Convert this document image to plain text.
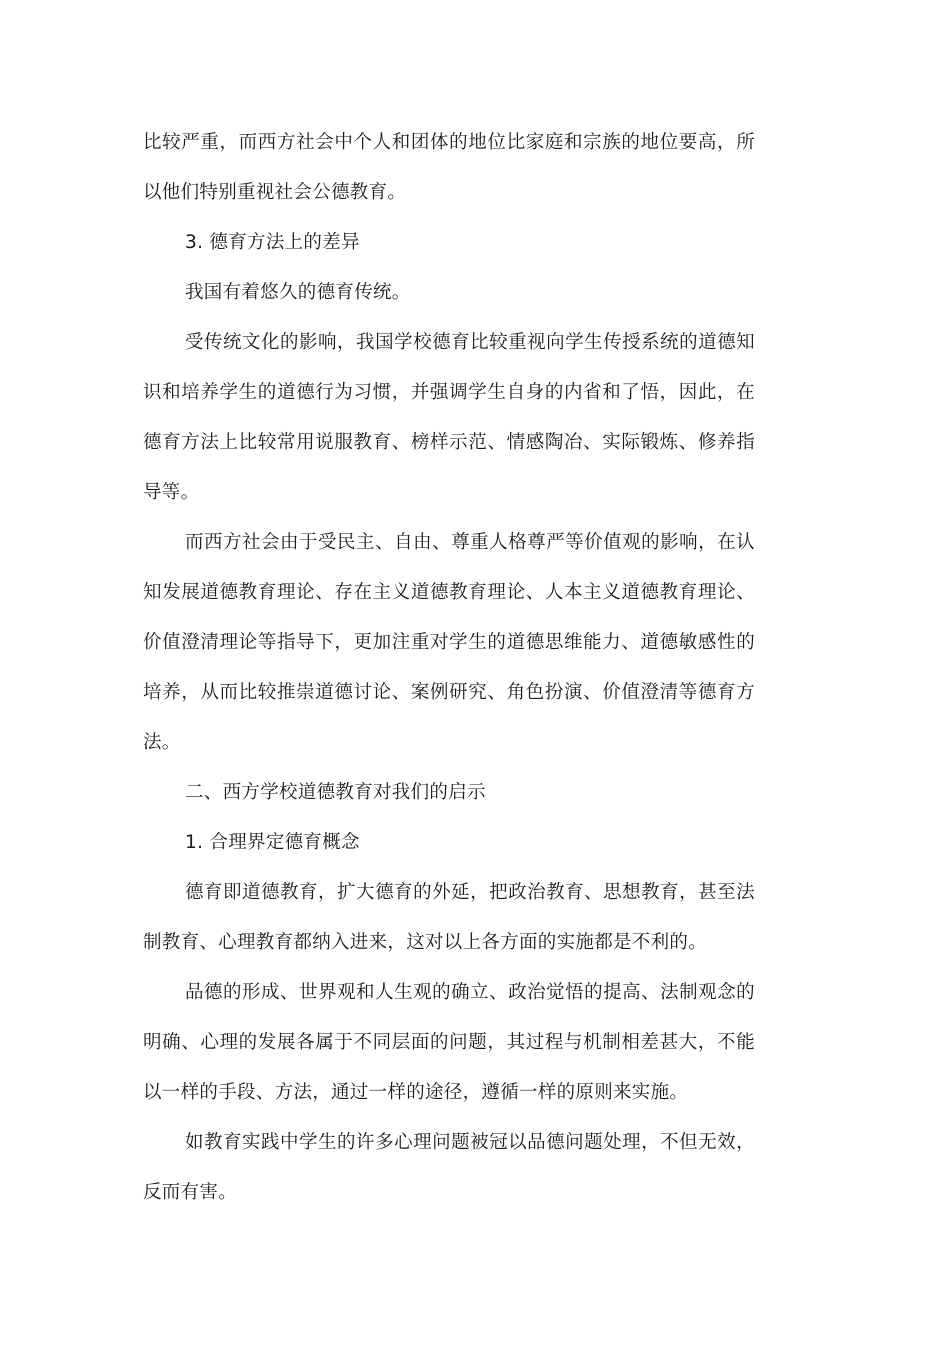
比较严重，而西方社会中个人和团体的地位比家庭和宗族的地位要高，所
以他们特别重视社会公德教育。
3. 德育方法上的差异
我国有着悠久的德育传统。
受传统文化的影响，我国学校德育比较重视向学生传授系统的道德知
识和培养学生的道德行为习惯，并强调学生自身的内省和了悟，因此，在
德育方法上比较常用说服教育、榜样示范、情感陶冶、实际锻炼、修养指
导等。
而西方社会由于受民主、自由、尊重人格尊严等价值观的影响，在认
知发展道德教育理论、存在主义道德教育理论、人本主义道德教育理论、
价值澄清理论等指导下，更加注重对学生的道德思维能力、道德敏感性的
培养，从而比较推崇道德讨论、案例研究、角色扮演、价值澄清等德育方
法。
二、西方学校道德教育对我们的启示
1. 合理界定德育概念
德育即道德教育，扩大德育的外延，把政治教育、思想教育，甚至法
制教育、心理教育都纳入进来，这对以上各方面的实施都是不利的。
品德的形成、世界观和人生观的确立、政治觉悟的提高、法制观念的
明确、心理的发展各属于不同层面的问题，其过程与机制相差甚大，不能
以一样的手段、方法，通过一样的途径，遵循一样的原则来实施。
如教育实践中学生的许多心理问题被冠以品德问题处理，不但无效，
反而有害。
